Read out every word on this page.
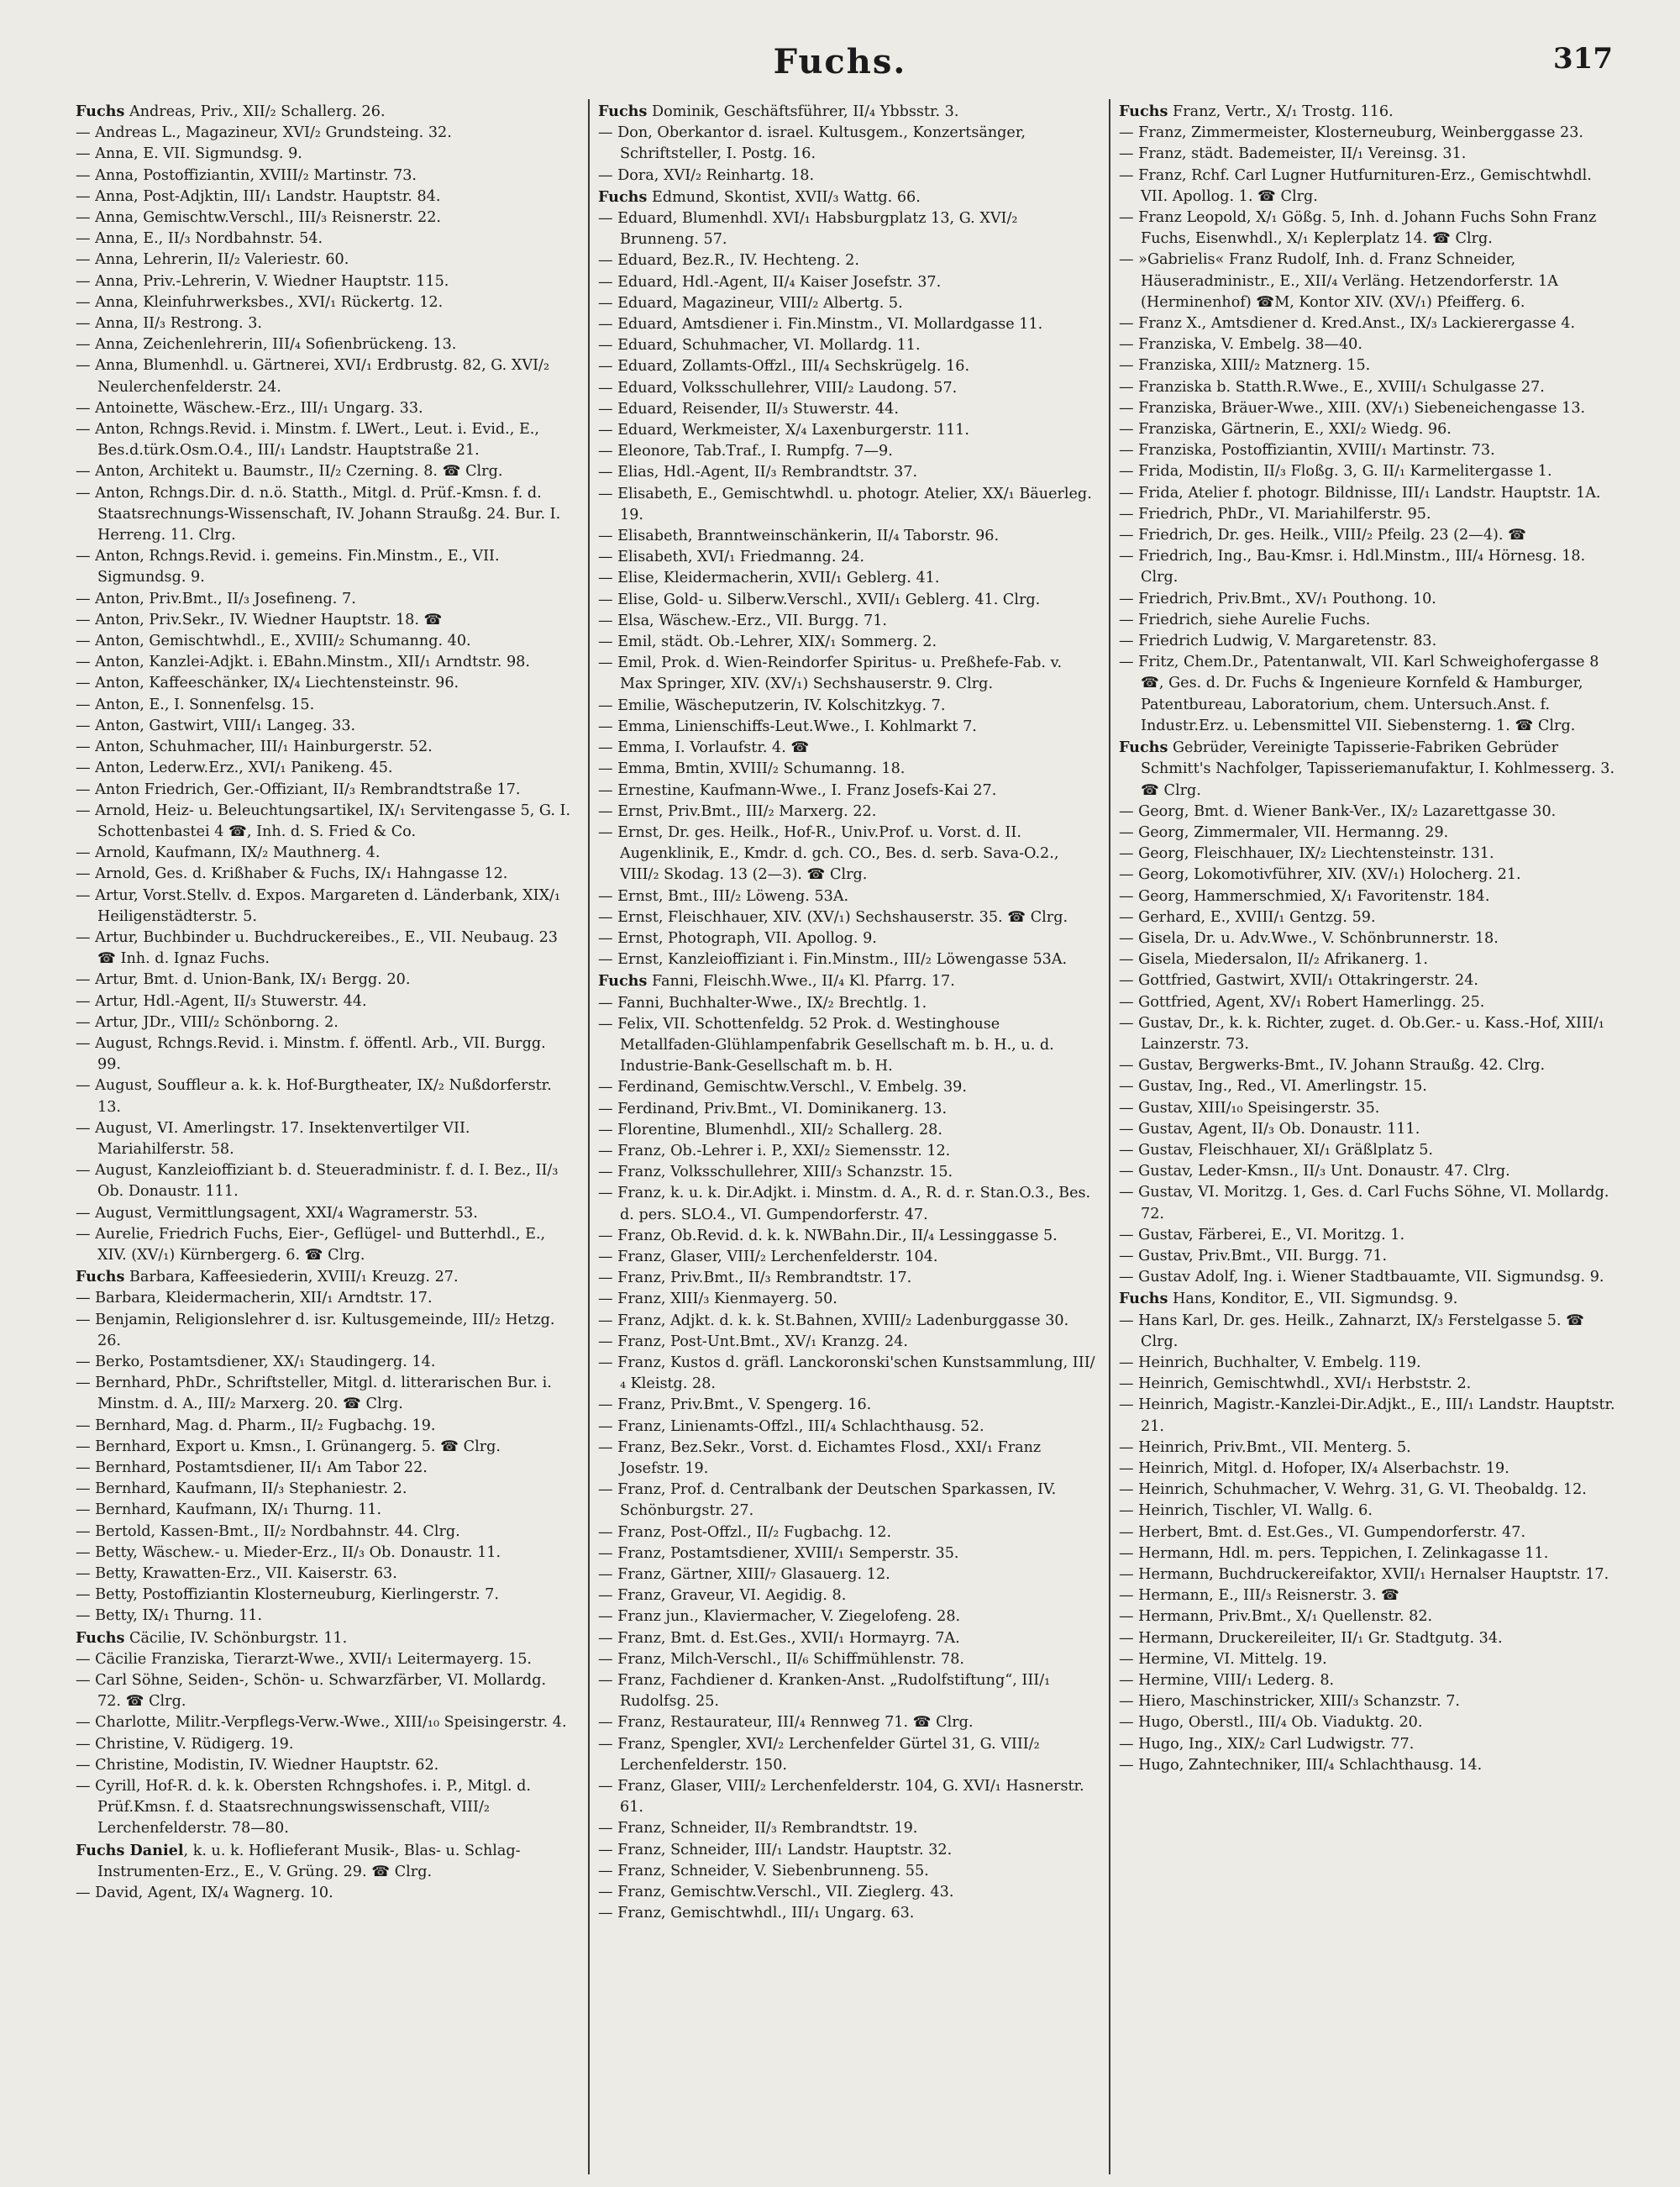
Fuchs.	317
Fuchs Andreas, Priv., XII/₂ Schallerg. 26.
— Andreas L., Magazineur, XVI/₂ Grundsteing. 32.
— Anna, E. VII. Sigmundsg. 9.
— Anna, Postoffiziantin, XVIII/₂ Martinstr. 73.
— Anna, Post-Adjktin, III/₁ Landstr. Hauptstr. 84.
— Anna, Gemischtw.Verschl., III/₃ Reisnerstr. 22.
— Anna, E., II/₃ Nordbahnstr. 54.
— Anna, Lehrerin, II/₂ Valeriestr. 60.
— Anna, Priv.-Lehrerin, V. Wiedner Hauptstr. 115.
— Anna, Kleinfuhrwerksbes., XVI/₁ Rückertg. 12.
— Anna, II/₃ Restrong. 3.
— Anna, Zeichenlehrerin, III/₄ Sofienbrückeng. 13.
— Anna, Blumenhdl. u. Gärtnerei, XVI/₁ Erdbrustg. 82, G. XVI/₂ Neulerchenfelderstr. 24.
— Antoinette, Wäschew.-Erz., III/₁ Ungarg. 33.
— Anton, Rchngs.Revid. i. Minstm. f. LWert., Leut. i. Evid., E., Bes.d.türk.Osm.O.4., III/₁ Landstr. Hauptstraße 21.
— Anton, Architekt u. Baumstr., II/₂ Czerning. 8. ☎ Clrg.
— Anton, Rchngs.Dir. d. n.ö. Statth., Mitgl. d. Prüf.-Kmsn. f. d. Staatsrechnungs-Wissenschaft, IV. Johann Straußg. 24. Bur. I. Herreng. 11. Clrg.
— Anton, Rchngs.Revid. i. gemeins. Fin.Minstm., E., VII. Sigmundsg. 9.
— Anton, Priv.Bmt., II/₃ Josefineng. 7.
— Anton, Priv.Sekr., IV. Wiedner Hauptstr. 18. ☎
— Anton, Gemischtwhdl., E., XVIII/₂ Schumanng. 40.
— Anton, Kanzlei-Adjkt. i. EBahn.Minstm., XII/₁ Arndtstr. 98.
— Anton, Kaffeeschänker, IX/₄ Liechtensteinstr. 96.
— Anton, E., I. Sonnenfelsg. 15.
— Anton, Gastwirt, VIII/₁ Langeg. 33.
— Anton, Schuhmacher, III/₁ Hainburgerstr. 52.
— Anton, Lederw.Erz., XVI/₁ Panikeng. 45.
— Anton Friedrich, Ger.-Offiziant, II/₃ Rembrandtstraße 17.
— Arnold, Heiz- u. Beleuchtungsartikel, IX/₁ Servitengasse 5, G. I. Schottenbastei 4 ☎, Inh. d. S. Fried & Co.
— Arnold, Kaufmann, IX/₂ Mauthnerg. 4.
— Arnold, Ges. d. Krißhaber & Fuchs, IX/₁ Hahngasse 12.
— Artur, Vorst.Stellv. d. Expos. Margareten d. Länderbank, XIX/₁ Heiligenstädterstr. 5.
— Artur, Buchbinder u. Buchdruckereibes., E., VII. Neubaug. 23 ☎ Inh. d. Ignaz Fuchs.
— Artur, Bmt. d. Union-Bank, IX/₁ Bergg. 20.
— Artur, Hdl.-Agent, II/₃ Stuwerstr. 44.
— Artur, JDr., VIII/₂ Schönborng. 2.
— August, Rchngs.Revid. i. Minstm. f. öffentl. Arb., VII. Burgg. 99.
— August, Souffleur a. k. k. Hof-Burgtheater, IX/₂ Nußdorferstr. 13.
— August, VI. Amerlingstr. 17. Insektenvertilger VII. Mariahilferstr. 58.
— August, Kanzleioffiziant b. d. Steueradministr. f. d. I. Bez., II/₃ Ob. Donaustr. 111.
— August, Vermittlungsagent, XXI/₄ Wagramerstr. 53.
— Aurelie, Friedrich Fuchs, Eier-, Geflügel- und Butterhdl., E., XIV. (XV/₁) Kürnbergerg. 6. ☎ Clrg.
Fuchs Barbara, Kaffeesiederin, XVIII/₁ Kreuzg. 27.
— Barbara, Kleidermacherin, XII/₁ Arndtstr. 17.
— Benjamin, Religionslehrer d. isr. Kultusgemeinde, III/₂ Hetzg. 26.
— Berko, Postamtsdiener, XX/₁ Staudingerg. 14.
— Bernhard, PhDr., Schriftsteller, Mitgl. d. litterarischen Bur. i. Minstm. d. A., III/₂ Marxerg. 20. ☎ Clrg.
— Bernhard, Mag. d. Pharm., II/₂ Fugbachg. 19.
— Bernhard, Export u. Kmsn., I. Grünangerg. 5. ☎ Clrg.
— Bernhard, Postamtsdiener, II/₁ Am Tabor 22.
— Bernhard, Kaufmann, II/₃ Stephaniestr. 2.
— Bernhard, Kaufmann, IX/₁ Thurng. 11.
— Bertold, Kassen-Bmt., II/₂ Nordbahnstr. 44. Clrg.
— Betty, Wäschew.- u. Mieder-Erz., II/₃ Ob. Donaustr. 11.
— Betty, Krawatten-Erz., VII. Kaiserstr. 63.
— Betty, Postoffiziantin Klosterneuburg, Kierlingerstr. 7.
— Betty, IX/₁ Thurng. 11.
Fuchs Cäcilie, IV. Schönburgstr. 11.
— Cäcilie Franziska, Tierarzt-Wwe., XVII/₁ Leitermayerg. 15.
— Carl Söhne, Seiden-, Schön- u. Schwarzfärber, VI. Mollardg. 72. ☎ Clrg.
— Charlotte, Militr.-Verpflegs-Verw.-Wwe., XIII/₁₀ Speisingerstr. 4.
— Christine, V. Rüdigerg. 19.
— Christine, Modistin, IV. Wiedner Hauptstr. 62.
— Cyrill, Hof-R. d. k. k. Obersten Rchngshofes. i. P., Mitgl. d. Prüf.Kmsn. f. d. Staatsrechnungswissenschaft, VIII/₂ Lerchenfelderstr. 78—80.
Fuchs Daniel, k. u. k. Hoflieferant Musik-, Blas- u. Schlag-Instrumenten-Erz., E., V. Grüng. 29. ☎ Clrg.
— David, Agent, IX/₄ Wagnerg. 10.
Fuchs Dominik, Geschäftsführer, II/₄ Ybbsstr. 3.
— Don, Oberkantor d. israel. Kultusgem., Konzertsänger, Schriftsteller, I. Postg. 16.
— Dora, XVI/₂ Reinhartg. 18.
Fuchs Edmund, Skontist, XVII/₃ Wattg. 66.
— Eduard, Blumenhdl. XVI/₁ Habsburgplatz 13, G. XVI/₂ Brunneng. 57.
— Eduard, Bez.R., IV. Hechteng. 2.
— Eduard, Hdl.-Agent, II/₄ Kaiser Josefstr. 37.
— Eduard, Magazineur, VIII/₂ Albertg. 5.
— Eduard, Amtsdiener i. Fin.Minstm., VI. Mollardgasse 11.
— Eduard, Schuhmacher, VI. Mollardg. 11.
— Eduard, Zollamts-Offzl., III/₄ Sechskrügelg. 16.
— Eduard, Volksschullehrer, VIII/₂ Laudong. 57.
— Eduard, Reisender, II/₃ Stuwerstr. 44.
— Eduard, Werkmeister, X/₄ Laxenburgerstr. 111.
— Eleonore, Tab.Traf., I. Rumpfg. 7—9.
— Elias, Hdl.-Agent, II/₃ Rembrandtstr. 37.
— Elisabeth, E., Gemischtwhdl. u. photogr. Atelier, XX/₁ Bäuerleg. 19.
— Elisabeth, Branntweinschänkerin, II/₄ Taborstr. 96.
— Elisabeth, XVI/₁ Friedmanng. 24.
— Elise, Kleidermacherin, XVII/₁ Geblerg. 41.
— Elise, Gold- u. Silberw.Verschl., XVII/₁ Geblerg. 41. Clrg.
— Elsa, Wäschew.-Erz., VII. Burgg. 71.
— Emil, städt. Ob.-Lehrer, XIX/₁ Sommerg. 2.
— Emil, Prok. d. Wien-Reindorfer Spiritus- u. Preßhefe-Fab. v. Max Springer, XIV. (XV/₁) Sechshauserstr. 9. Clrg.
— Emilie, Wäscheputzerin, IV. Kolschitzkyg. 7.
— Emma, Linienschiffs-Leut.Wwe., I. Kohlmarkt 7.
— Emma, I. Vorlaufstr. 4. ☎
— Emma, Bmtin, XVIII/₂ Schumanng. 18.
— Ernestine, Kaufmann-Wwe., I. Franz Josefs-Kai 27.
— Ernst, Priv.Bmt., III/₂ Marxerg. 22.
— Ernst, Dr. ges. Heilk., Hof-R., Univ.Prof. u. Vorst. d. II. Augenklinik, E., Kmdr. d. gch. CO., Bes. d. serb. Sava-O.2., VIII/₂ Skodag. 13 (2—3). ☎ Clrg.
— Ernst, Bmt., III/₂ Löweng. 53A.
— Ernst, Fleischhauer, XIV. (XV/₁) Sechshauserstr. 35. ☎ Clrg.
— Ernst, Photograph, VII. Apollog. 9.
— Ernst, Kanzleioffiziant i. Fin.Minstm., III/₂ Löwengasse 53A.
Fuchs Fanni, Fleischh.Wwe., II/₄ Kl. Pfarrg. 17.
— Fanni, Buchhalter-Wwe., IX/₂ Brechtlg. 1.
— Felix, VII. Schottenfeldg. 52 Prok. d. Westinghouse Metallfaden-Glühlampenfabrik Gesellschaft m. b. H., u. d. Industrie-Bank-Gesellschaft m. b. H.
— Ferdinand, Gemischtw.Verschl., V. Embelg. 39.
— Ferdinand, Priv.Bmt., VI. Dominikanerg. 13.
— Florentine, Blumenhdl., XII/₂ Schallerg. 28.
— Franz, Ob.-Lehrer i. P., XXI/₂ Siemensstr. 12.
— Franz, Volksschullehrer, XIII/₃ Schanzstr. 15.
— Franz, k. u. k. Dir.Adjkt. i. Minstm. d. A., R. d. r. Stan.O.3., Bes. d. pers. SLO.4., VI. Gumpendorferstr. 47.
— Franz, Ob.Revid. d. k. k. NWBahn.Dir., II/₄ Lessinggasse 5.
— Franz, Glaser, VIII/₂ Lerchenfelderstr. 104.
— Franz, Priv.Bmt., II/₃ Rembrandtstr. 17.
— Franz, XIII/₃ Kienmayerg. 50.
— Franz, Adjkt. d. k. k. St.Bahnen, XVIII/₂ Ladenburggasse 30.
— Franz, Post-Unt.Bmt., XV/₁ Kranzg. 24.
— Franz, Kustos d. gräfl. Lanckoronski'schen Kunstsammlung, III/₄ Kleistg. 28.
— Franz, Priv.Bmt., V. Spengerg. 16.
— Franz, Linienamts-Offzl., III/₄ Schlachthausg. 52.
— Franz, Bez.Sekr., Vorst. d. Eichamtes Flosd., XXI/₁ Franz Josefstr. 19.
— Franz, Prof. d. Centralbank der Deutschen Sparkassen, IV. Schönburgstr. 27.
— Franz, Post-Offzl., II/₂ Fugbachg. 12.
— Franz, Postamtsdiener, XVIII/₁ Semperstr. 35.
— Franz, Gärtner, XIII/₇ Glasauerg. 12.
— Franz, Graveur, VI. Aegidig. 8.
— Franz jun., Klaviermacher, V. Ziegelofeng. 28.
— Franz, Bmt. d. Est.Ges., XVII/₁ Hormayrg. 7A.
— Franz, Milch-Verschl., II/₆ Schiffmühlenstr. 78.
— Franz, Fachdiener d. Kranken-Anst. „Rudolfstiftung“, III/₁ Rudolfsg. 25.
— Franz, Restaurateur, III/₄ Rennweg 71. ☎ Clrg.
— Franz, Spengler, XVI/₂ Lerchenfelder Gürtel 31, G. VIII/₂ Lerchenfelderstr. 150.
— Franz, Glaser, VIII/₂ Lerchenfelderstr. 104, G. XVI/₁ Hasnerstr. 61.
— Franz, Schneider, II/₃ Rembrandtstr. 19.
— Franz, Schneider, III/₁ Landstr. Hauptstr. 32.
— Franz, Schneider, V. Siebenbrunneng. 55.
— Franz, Gemischtw.Verschl., VII. Zieglerg. 43.
— Franz, Gemischtwhdl., III/₁ Ungarg. 63.
Fuchs Franz, Vertr., X/₁ Trostg. 116.
— Franz, Zimmermeister, Klosterneuburg, Weinberggasse 23.
— Franz, städt. Bademeister, II/₁ Vereinsg. 31.
— Franz, Rchf. Carl Lugner Hutfurnituren-Erz., Gemischtwhdl. VII. Apollog. 1. ☎ Clrg.
— Franz Leopold, X/₁ Gößg. 5, Inh. d. Johann Fuchs Sohn Franz Fuchs, Eisenwhdl., X/₁ Keplerplatz 14. ☎ Clrg.
— »Gabrielis« Franz Rudolf, Inh. d. Franz Schneider, Häuseradministr., E., XII/₄ Verläng. Hetzendorferstr. 1A (Herminenhof) ☎M, Kontor XIV. (XV/₁) Pfeifferg. 6.
— Franz X., Amtsdiener d. Kred.Anst., IX/₃ Lackierergasse 4.
— Franziska, V. Embelg. 38—40.
— Franziska, XIII/₂ Matznerg. 15.
— Franziska b. Statth.R.Wwe., E., XVIII/₁ Schulgasse 27.
— Franziska, Bräuer-Wwe., XIII. (XV/₁) Siebeneichengasse 13.
— Franziska, Gärtnerin, E., XXI/₂ Wiedg. 96.
— Franziska, Postoffiziantin, XVIII/₁ Martinstr. 73.
— Frida, Modistin, II/₃ Floßg. 3, G. II/₁ Karmelitergasse 1.
— Frida, Atelier f. photogr. Bildnisse, III/₁ Landstr. Hauptstr. 1A.
— Friedrich, PhDr., VI. Mariahilferstr. 95.
— Friedrich, Dr. ges. Heilk., VIII/₂ Pfeilg. 23 (2—4). ☎
— Friedrich, Ing., Bau-Kmsr. i. Hdl.Minstm., III/₄ Hörnesg. 18. Clrg.
— Friedrich, Priv.Bmt., XV/₁ Pouthong. 10.
— Friedrich, siehe Aurelie Fuchs.
— Friedrich Ludwig, V. Margaretenstr. 83.
— Fritz, Chem.Dr., Patentanwalt, VII. Karl Schweighofergasse 8 ☎, Ges. d. Dr. Fuchs & Ingenieure Kornfeld & Hamburger, Patentbureau, Laboratorium, chem. Untersuch.Anst. f. Industr.Erz. u. Lebensmittel VII. Siebensterng. 1. ☎ Clrg.
Fuchs Gebrüder, Vereinigte Tapisserie-Fabriken Gebrüder Schmitt's Nachfolger, Tapisseriemanufaktur, I. Kohlmesserg. 3. ☎ Clrg.
— Georg, Bmt. d. Wiener Bank-Ver., IX/₂ Lazarettgasse 30.
— Georg, Zimmermaler, VII. Hermanng. 29.
— Georg, Fleischhauer, IX/₂ Liechtensteinstr. 131.
— Georg, Lokomotivführer, XIV. (XV/₁) Holocherg. 21.
— Georg, Hammerschmied, X/₁ Favoritenstr. 184.
— Gerhard, E., XVIII/₁ Gentzg. 59.
— Gisela, Dr. u. Adv.Wwe., V. Schönbrunnerstr. 18.
— Gisela, Miedersalon, II/₂ Afrikanerg. 1.
— Gottfried, Gastwirt, XVII/₁ Ottakringerstr. 24.
— Gottfried, Agent, XV/₁ Robert Hamerlingg. 25.
— Gustav, Dr., k. k. Richter, zuget. d. Ob.Ger.- u. Kass.-Hof, XIII/₁ Lainzerstr. 73.
— Gustav, Bergwerks-Bmt., IV. Johann Straußg. 42. Clrg.
— Gustav, Ing., Red., VI. Amerlingstr. 15.
— Gustav, XIII/₁₀ Speisingerstr. 35.
— Gustav, Agent, II/₃ Ob. Donaustr. 111.
— Gustav, Fleischhauer, XI/₁ Gräßlplatz 5.
— Gustav, Leder-Kmsn., II/₃ Unt. Donaustr. 47. Clrg.
— Gustav, VI. Moritzg. 1, Ges. d. Carl Fuchs Söhne, VI. Mollardg. 72.
— Gustav, Färberei, E., VI. Moritzg. 1.
— Gustav, Priv.Bmt., VII. Burgg. 71.
— Gustav Adolf, Ing. i. Wiener Stadtbauamte, VII. Sigmundsg. 9.
Fuchs Hans, Konditor, E., VII. Sigmundsg. 9.
— Hans Karl, Dr. ges. Heilk., Zahnarzt, IX/₃ Ferstelgasse 5. ☎ Clrg.
— Heinrich, Buchhalter, V. Embelg. 119.
— Heinrich, Gemischtwhdl., XVI/₁ Herbststr. 2.
— Heinrich, Magistr.-Kanzlei-Dir.Adjkt., E., III/₁ Landstr. Hauptstr. 21.
— Heinrich, Priv.Bmt., VII. Menterg. 5.
— Heinrich, Mitgl. d. Hofoper, IX/₄ Alserbachstr. 19.
— Heinrich, Schuhmacher, V. Wehrg. 31, G. VI. Theobaldg. 12.
— Heinrich, Tischler, VI. Wallg. 6.
— Herbert, Bmt. d. Est.Ges., VI. Gumpendorferstr. 47.
— Hermann, Hdl. m. pers. Teppichen, I. Zelinkagasse 11.
— Hermann, Buchdruckereifaktor, XVII/₁ Hernalser Hauptstr. 17.
— Hermann, E., III/₃ Reisnerstr. 3. ☎
— Hermann, Priv.Bmt., X/₁ Quellenstr. 82.
— Hermann, Druckereileiter, II/₁ Gr. Stadtgutg. 34.
— Hermine, VI. Mittelg. 19.
— Hermine, VIII/₁ Lederg. 8.
— Hiero, Maschinstricker, XIII/₃ Schanzstr. 7.
— Hugo, Oberstl., III/₄ Ob. Viaduktg. 20.
— Hugo, Ing., XIX/₂ Carl Ludwigstr. 77.
— Hugo, Zahntechniker, III/₄ Schlachthausg. 14.
